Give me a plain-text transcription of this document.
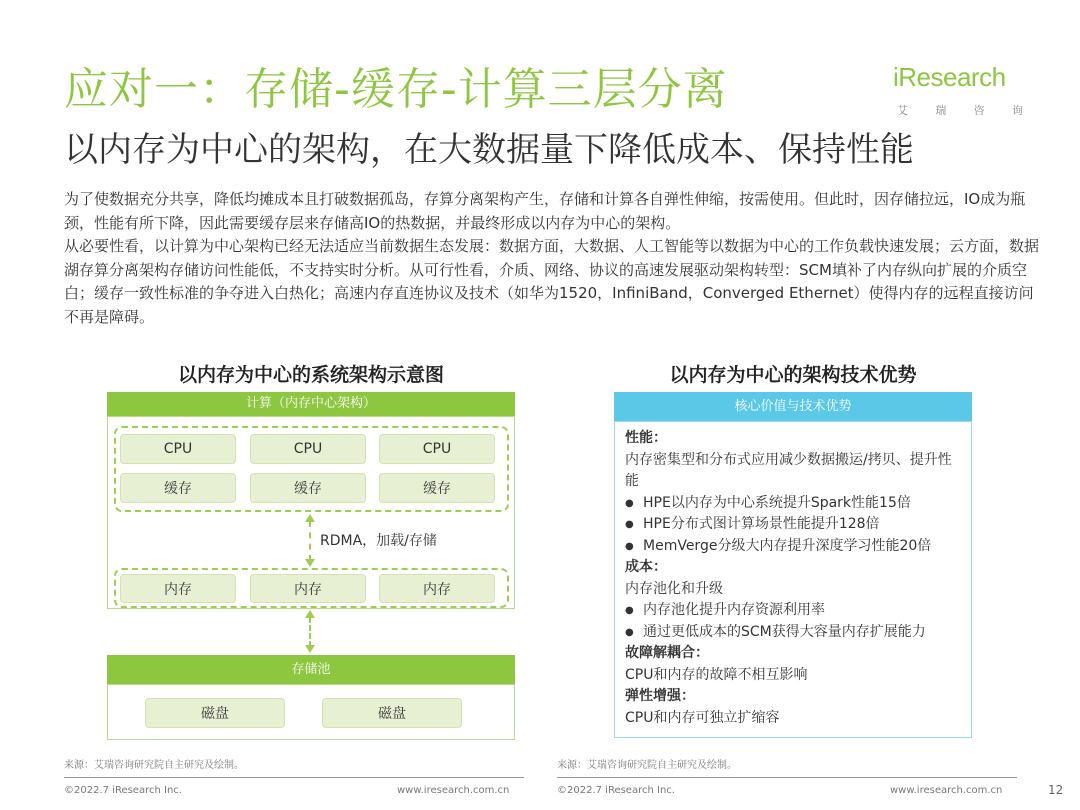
应对一：存储-缓存-计算三层分离
以内存为中心的架构，在大数据量下降低成本、保持性能
iResearch
艾 瑞 咨 询

为了使数据充分共享，降低均摊成本且打破数据孤岛，存算分离架构产生，存储和计算各自弹性伸缩，按需使用。但此时，因存储拉远，IO成为瓶颈，性能有所下降，因此需要缓存层来存储高IO的热数据，并最终形成以内存为中心的架构。

从必要性看，以计算为中心架构已经无法适应当前数据生态发展：数据方面，大数据、人工智能等以数据为中心的工作负载快速发展；云方面，数据湖存算分离架构存储访问性能低，不支持实时分析。从可行性看，介质、网络、协议的高速发展驱动架构转型：SCM填补了内存纵向扩展的介质空白；缓存一致性标准的争夺进入白热化；高速内存直连协议及技术（如华为1520，InfiniBand，Converged Ethernet）使得内存的远程直接访问不再是障碍。

以内存为中心的系统架构示意图
计算（内存中心架构）
CPU	CPU	CPU
缓存	缓存	缓存
RDMA，加载/存储
内存	内存	内存
存储池
磁盘	磁盘
以内存为中心的架构技术优势
核心价值与技术优势
性能：
内存密集型和分布式应用减少数据搬运/拷贝、提升性能
● HPE以内存为中心系统提升Spark性能15倍
● HPE分布式图计算场景性能提升128倍
● MemVerge分级大内存提升深度学习性能20倍
成本：
内存池化和升级
● 内存池化提升内存资源利用率
● 通过更低成本的SCM获得大容量内存扩展能力
故障解耦合：
CPU和内存的故障不相互影响
弹性增强：
CPU和内存可独立扩缩容
来源：艾瑞咨询研究院自主研究及绘制。	来源：艾瑞咨询研究院自主研究及绘制。
©2022.7 iResearch Inc.	www.iresearch.com.cn	©2022.7 iResearch Inc.	www.iresearch.com.cn	12
